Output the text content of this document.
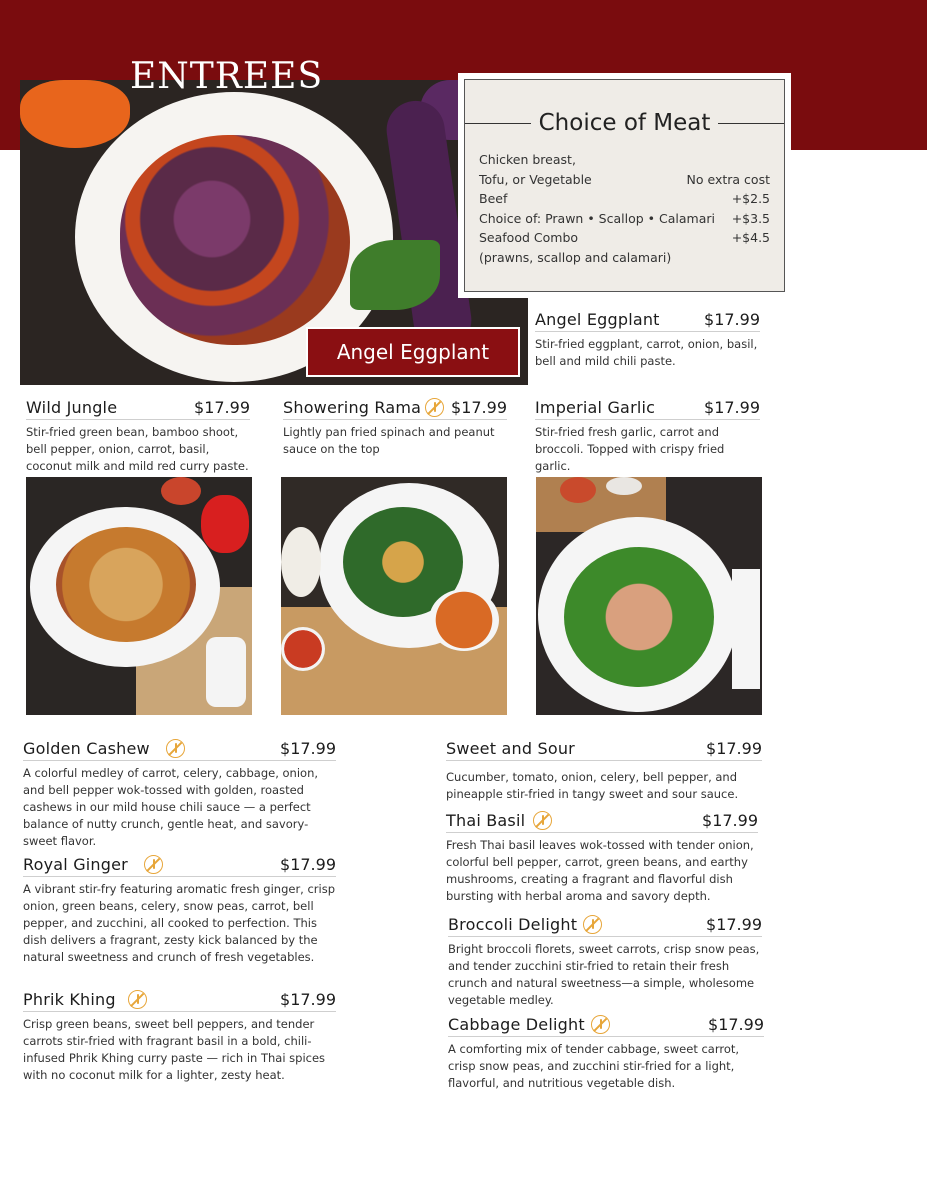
ENTREES
Angel Eggplant
Choice of Meat
Chicken breast,
Tofu, or Vegetable	No extra cost
Beef	+$2.5
Choice of: Prawn • Scallop • Calamari +$3.5
Seafood Combo	+$4.5
(prawns, scallop and calamari)
Angel Eggplant	$17.99
Stir-fried eggplant, carrot, onion, basil, bell and mild chili paste.
Wild Jungle	$17.99
Stir-fried green bean, bamboo shoot, bell pepper, onion, carrot, basil, coconut milk and mild red curry paste.
Showering Rama $17.99
Lightly pan fried spinach and peanut sauce on the top
Imperial Garlic	$17.99
Stir-fried fresh garlic, carrot and broccoli. Topped with crispy fried garlic.
Golden Cashew	$17.99
A colorful medley of carrot, celery, cabbage, onion, and bell pepper wok-tossed with golden, roasted cashews in our mild house chili sauce — a perfect balance of nutty crunch, gentle heat, and savory-sweet flavor.
Royal Ginger	$17.99
A vibrant stir-fry featuring aromatic fresh ginger, crisp onion, green beans, celery, snow peas, carrot, bell pepper, and zucchini, all cooked to perfection. This dish delivers a fragrant, zesty kick balanced by the natural sweetness and crunch of fresh vegetables.
Phrik Khing	$17.99
Crisp green beans, sweet bell peppers, and tender carrots stir-fried with fragrant basil in a bold, chili-infused Phrik Khing curry paste — rich in Thai spices with no coconut milk for a lighter, zesty heat.
Sweet and Sour	$17.99
Cucumber, tomato, onion, celery, bell pepper, and pineapple stir-fried in tangy sweet and sour sauce.
Thai Basil	$17.99
Fresh Thai basil leaves wok-tossed with tender onion, colorful bell pepper, carrot, green beans, and earthy mushrooms, creating a fragrant and flavorful dish bursting with herbal aroma and savory depth.
Broccoli Delight	$17.99
Bright broccoli florets, sweet carrots, crisp snow peas, and tender zucchini stir-fried to retain their fresh crunch and natural sweetness—a simple, wholesome vegetable medley.
Cabbage Delight	$17.99
A comforting mix of tender cabbage, sweet carrot, crisp snow peas, and zucchini stir-fried for a light, flavorful, and nutritious vegetable dish.
